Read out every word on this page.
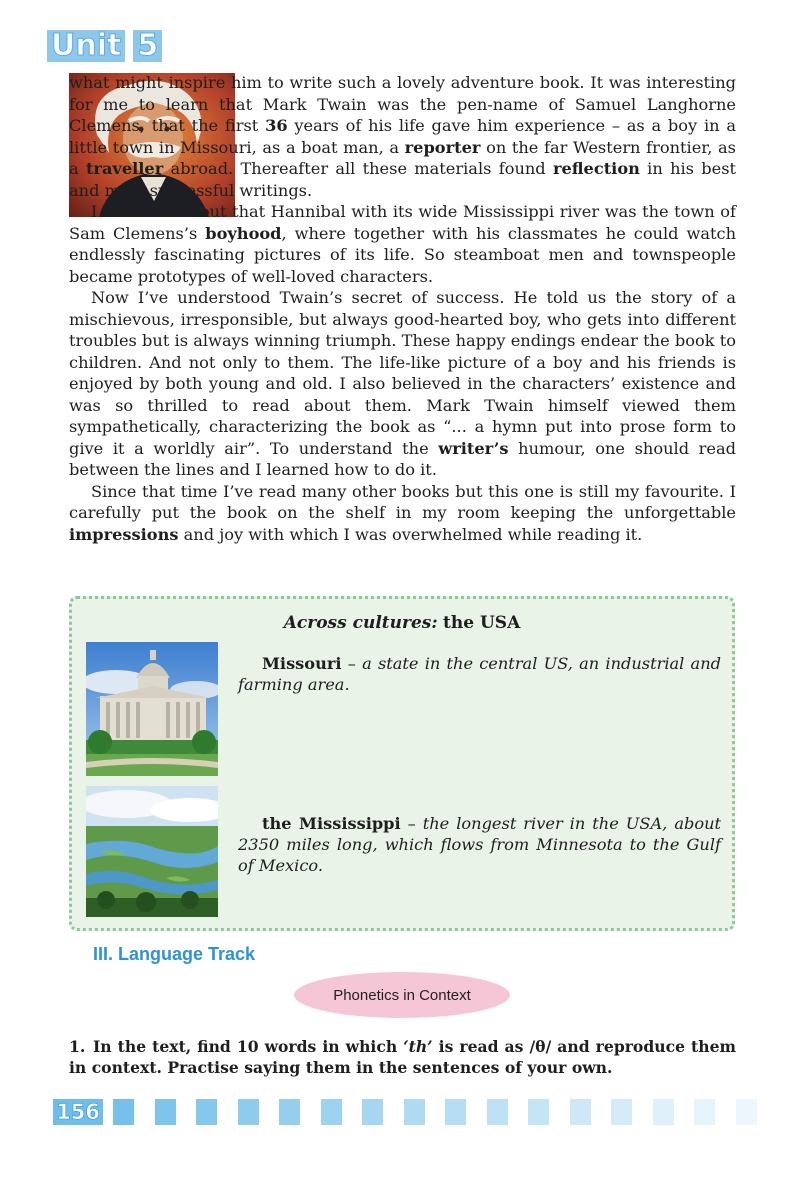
Unit 5

what might inspire him to write such a lovely adventure book. It was interesting for me to learn that Mark Twain was the pen-name of Samuel Langhorne Clemens, that the first 36 years of his life gave him experience – as a boy in a little town in Missouri, as a boat man, a reporter on the far Western frontier, as a traveller abroad. Thereafter all these materials found reflection in his best and most successful writings.

I have found out that Hannibal with its wide Mississippi river was the town of Sam Clemens’s boyhood, where together with his classmates he could watch endlessly fascinating pictures of its life. So steamboat men and townspeople became prototypes of well-loved characters.

Now I’ve understood Twain’s secret of success. He told us the story of a mischievous, irresponsible, but always good-hearted boy, who gets into different troubles but is always winning triumph. These happy endings endear the book to children. And not only to them. The life-like picture of a boy and his friends is enjoyed by both young and old. I also believed in the characters’ existence and was so thrilled to read about them. Mark Twain himself viewed them sympathetically, characterizing the book as “... a hymn put into prose form to give it a worldly air”. To understand the writer’s humour, one should read between the lines and I learned how to do it.

Since that time I’ve read many other books but this one is still my favourite. I carefully put the book on the shelf in my room keeping the unforgettable impressions and joy with which I was overwhelmed while reading it.

Across cultures: the USA
Missouri – a state in the central US, an industrial and farming area.
the Mississippi – the longest river in the USA, about 2350 miles long, which flows from Minnesota to the Gulf of Mexico.
III. Language Track
Phonetics in Context
1. In the text, find 10 words in which ‘th’ is read as /θ/ and reproduce them in context. Practise saying them in the sentences of your own.
156
